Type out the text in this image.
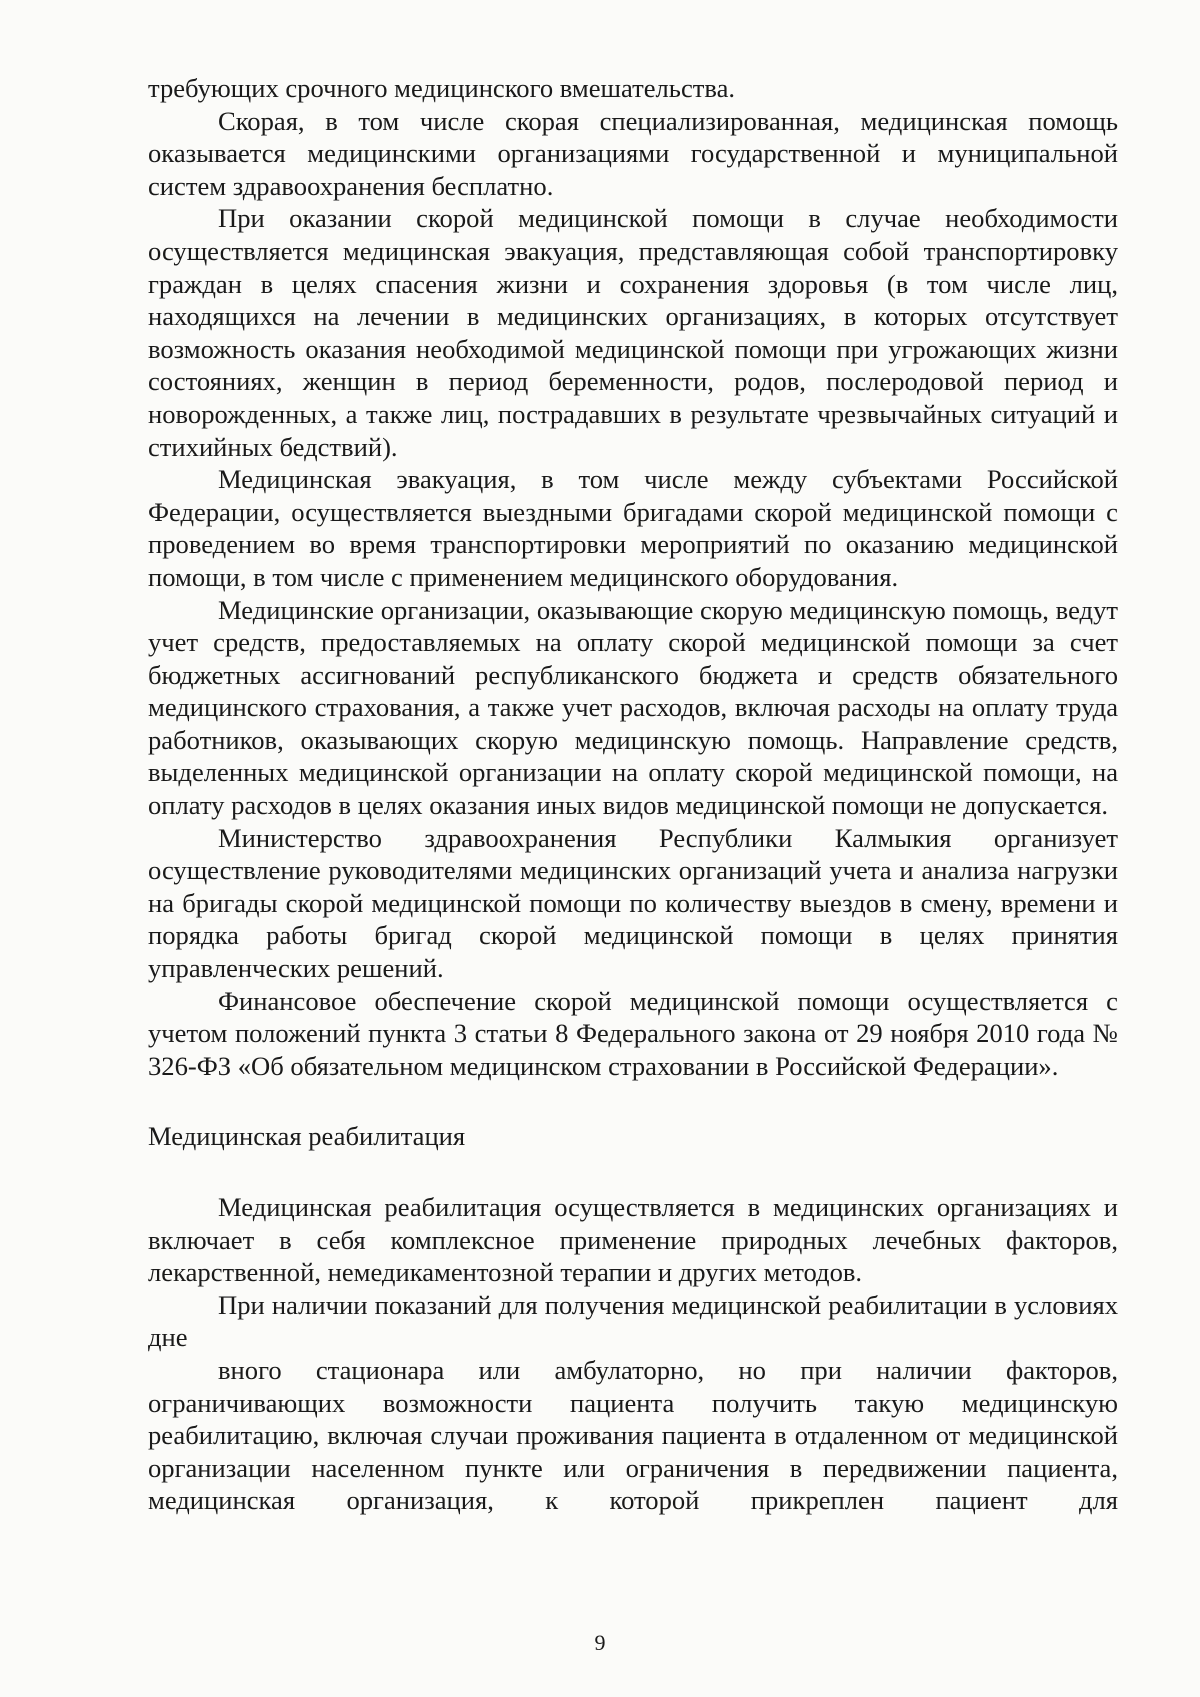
требующих срочного медицинского вмешательства.

Скорая, в том числе скорая специализированная, медицинская помощь оказывается медицинскими организациями государственной и муниципальной систем здравоохранения бесплатно.

При оказании скорой медицинской помощи в случае необходимости осуществляется медицинская эвакуация, представляющая собой транспортировку граждан в целях спасения жизни и сохранения здоровья (в том числе лиц, находящихся на лечении в медицинских организациях, в которых отсутствует возможность оказания необходимой медицинской помощи при угрожающих жизни состояниях, женщин в период беременности, родов, послеродовой период и новорожденных, а также лиц, пострадавших в результате чрезвычайных ситуаций и стихийных бедствий).

Медицинская эвакуация, в том числе между субъектами Российской Федерации, осуществляется выездными бригадами скорой медицинской помощи с проведением во время транспортировки мероприятий по оказанию медицинской помощи, в том числе с применением медицинского оборудования.

Медицинские организации, оказывающие скорую медицинскую помощь, ведут учет средств, предоставляемых на оплату скорой медицинской помощи за счет бюджетных ассигнований республиканского бюджета и средств обязательного медицинского страхования, а также учет расходов, включая расходы на оплату труда работников, оказывающих скорую медицинскую помощь. Направление средств, выделенных медицинской организации на оплату скорой медицинской помощи, на оплату расходов в целях оказания иных видов медицинской помощи не допускается.

Министерство здравоохранения Республики Калмыкия организует осуществление руководителями медицинских организаций учета и анализа нагрузки на бригады скорой медицинской помощи по количеству выездов в смену, времени и порядка работы бригад скорой медицинской помощи в целях принятия управленческих решений.

Финансовое обеспечение скорой медицинской помощи осуществляется с учетом положений пункта 3 статьи 8 Федерального закона от 29 ноября 2010 года № 326-ФЗ «Об обязательном медицинском страховании в Российской Федерации».

Медицинская реабилитация

Медицинская реабилитация осуществляется в медицинских организациях и включает в себя комплексное применение природных лечебных факторов, лекарственной, немедикаментозной терапии и других методов.

При наличии показаний для получения медицинской реабилитации в условиях дне

вного стационара или амбулаторно, но при наличии факторов, ограничивающих возможности пациента получить такую медицинскую реабилитацию, включая случаи проживания пациента в отдаленном от медицинской организации населенном пункте или ограничения в передвижении пациента, медицинская организация, к которой прикреплен пациент для

9
